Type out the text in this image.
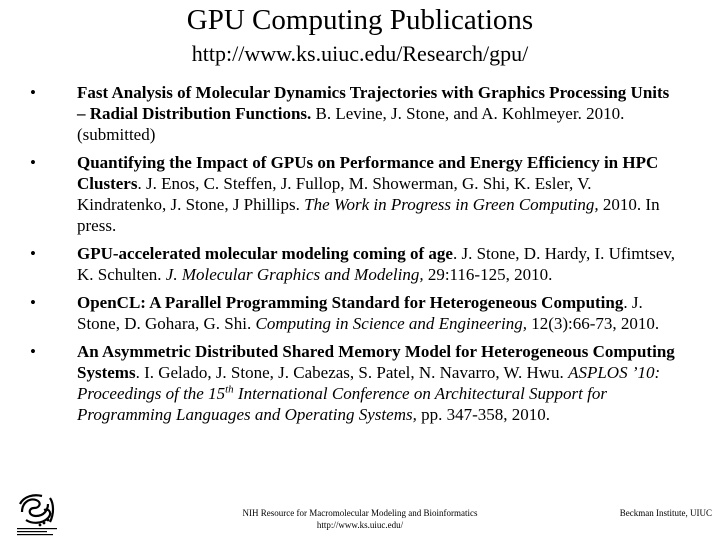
GPU Computing Publications
http://www.ks.uiuc.edu/Research/gpu/
• Fast Analysis of Molecular Dynamics Trajectories with Graphics Processing Units – Radial Distribution Functions. B. Levine, J. Stone, and A. Kohlmeyer. 2010. (submitted)
• Quantifying the Impact of GPUs on Performance and Energy Efficiency in HPC Clusters. J. Enos, C. Steffen, J. Fullop, M. Showerman, G. Shi, K. Esler, V. Kindratenko, J. Stone, J Phillips. The Work in Progress in Green Computing, 2010. In press.
• GPU-accelerated molecular modeling coming of age. J. Stone, D. Hardy, I. Ufimtsev, K. Schulten. J. Molecular Graphics and Modeling, 29:116-125, 2010.
• OpenCL: A Parallel Programming Standard for Heterogeneous Computing. J. Stone, D. Gohara, G. Shi. Computing in Science and Engineering, 12(3):66-73, 2010.
• An Asymmetric Distributed Shared Memory Model for Heterogeneous Computing Systems. I. Gelado, J. Stone, J. Cabezas, S. Patel, N. Navarro, W. Hwu. ASPLOS ’10: Proceedings of the 15th International Conference on Architectural Support for Programming Languages and Operating Systems, pp. 347-358, 2010.
NIH Resource for Macromolecular Modeling and Bioinformatics
http://www.ks.uiuc.edu/
Beckman Institute, UIUC
